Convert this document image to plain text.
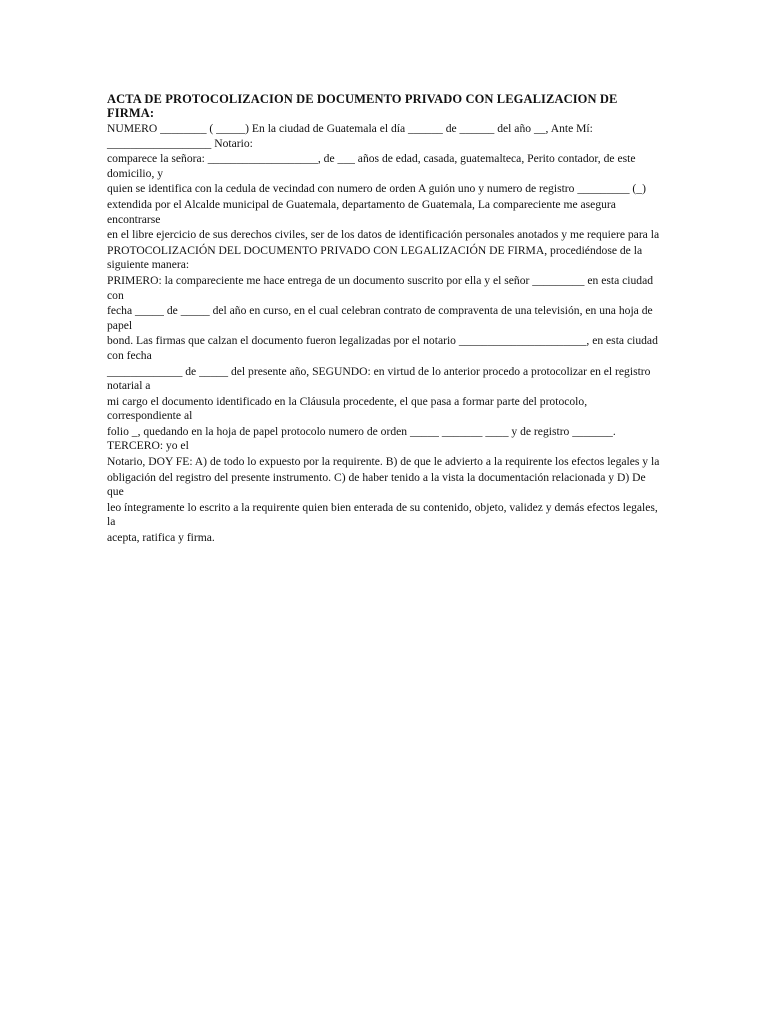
ACTA DE PROTOCOLIZACION DE DOCUMENTO PRIVADO CON LEGALIZACION DE FIRMA:
NUMERO ________ ( _____) En la ciudad de Guatemala el día ______ de ______ del año __, Ante Mí: __________________ Notario:
comparece la señora: ___________________, de ___ años de edad, casada, guatemalteca, Perito contador, de este domicilio, y
quien se identifica con la cedula de vecindad con numero de orden A guión uno y numero de registro _________ (_)
extendida por el Alcalde municipal de Guatemala, departamento de Guatemala, La compareciente me asegura encontrarse
en el libre ejercicio de sus derechos civiles, ser de los datos de identificación personales anotados y me requiere para la
PROTOCOLIZACIÓN DEL DOCUMENTO PRIVADO CON LEGALIZACIÓN DE FIRMA, procediéndose de la siguiente manera:
PRIMERO: la compareciente me hace entrega de un documento suscrito por ella y el señor _________ en esta ciudad con
fecha _____ de _____ del año en curso, en el cual celebran contrato de compraventa de una televisión, en una hoja de papel
bond. Las firmas que calzan el documento fueron legalizadas por el notario ______________________, en esta ciudad con fecha
_____________ de _____ del presente año, SEGUNDO: en virtud de lo anterior procedo a protocolizar en el registro notarial a
mi cargo el documento identificado en la Cláusula procedente, el que pasa a formar parte del protocolo, correspondiente al
folio _, quedando en la hoja de papel protocolo numero de orden _____ _______ ____ y de registro _______. TERCERO: yo el
Notario, DOY FE: A) de todo lo expuesto por la requirente. B) de que le advierto a la requirente los efectos legales y la
obligación del registro del presente instrumento. C) de haber tenido a la vista la documentación relacionada y D) De que
leo íntegramente lo escrito a la requirente quien bien enterada de su contenido, objeto, validez y demás efectos legales, la
acepta, ratifica y firma.
